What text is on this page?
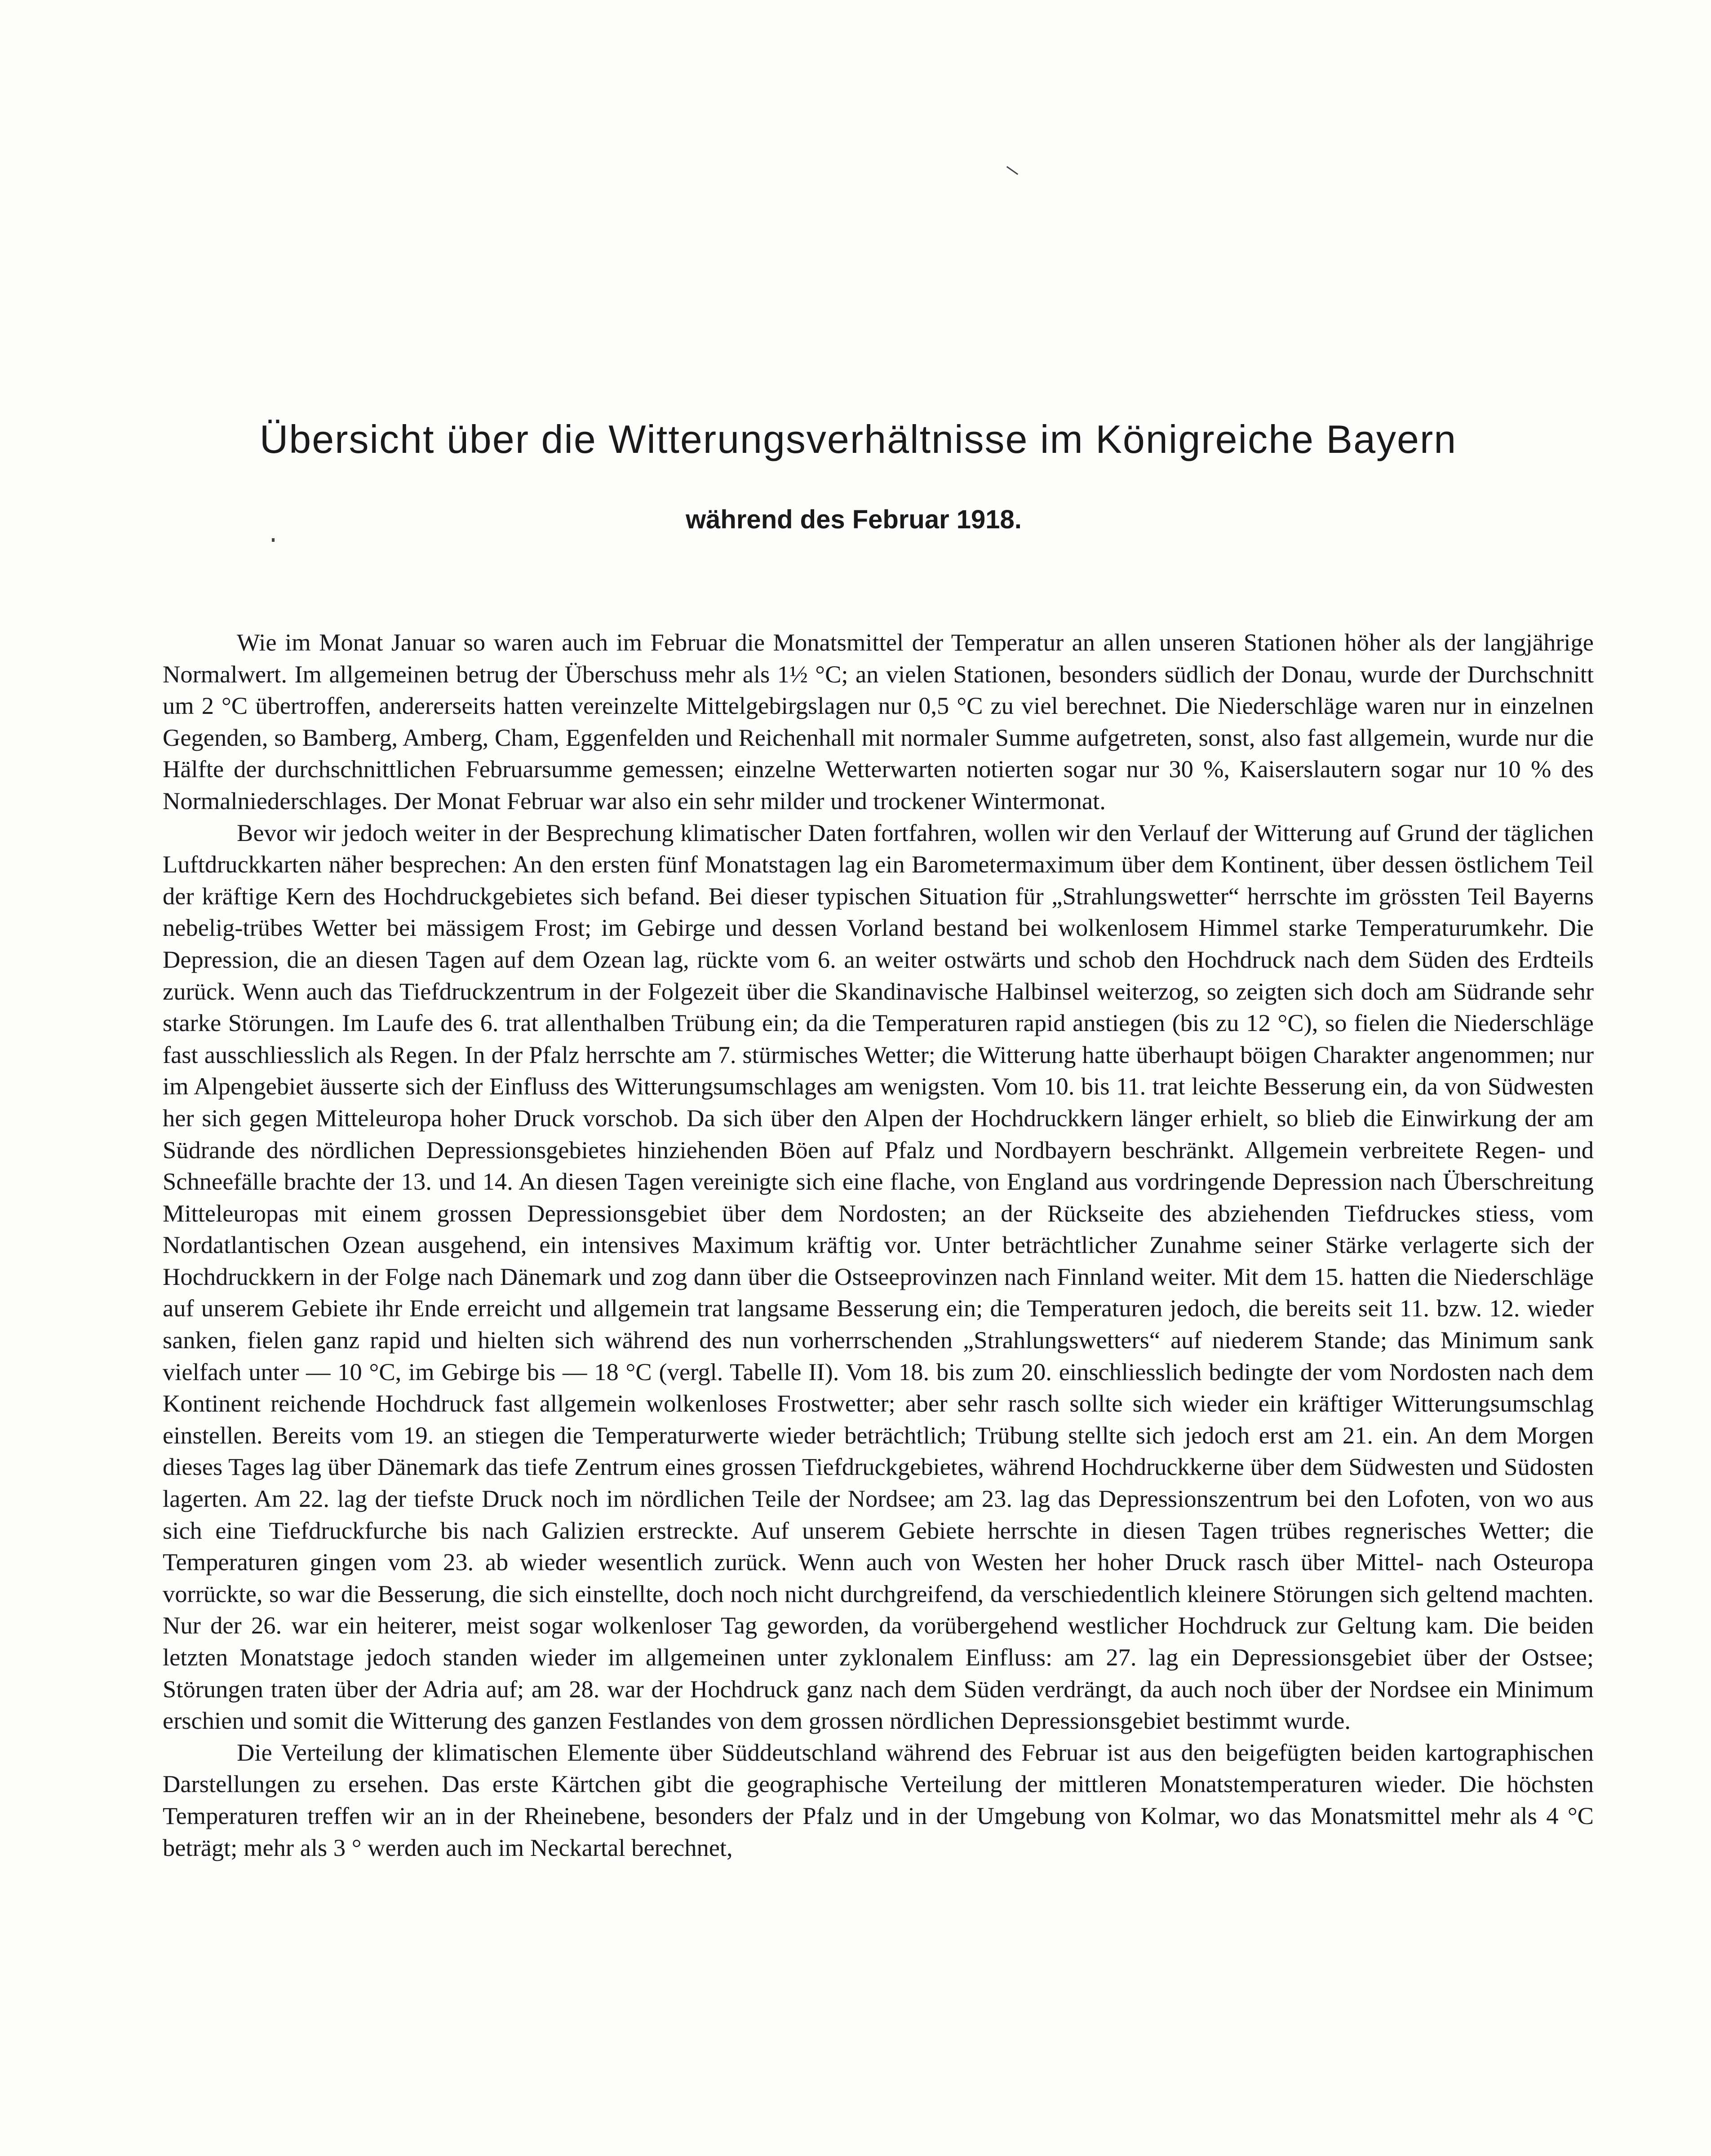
Übersicht über die Witterungsverhältnisse im Königreiche Bayern
während des Februar 1918.

Wie im Monat Januar so waren auch im Februar die Monatsmittel der Temperatur an allen unseren Stationen höher als der langjährige Normalwert. Im allgemeinen betrug der Überschuss mehr als 1½ °C; an vielen Stationen, besonders südlich der Donau, wurde der Durchschnitt um 2 °C übertroffen, andererseits hatten vereinzelte Mittelgebirgslagen nur 0,5 °C zu viel berechnet. Die Niederschläge waren nur in einzelnen Gegenden, so Bamberg, Amberg, Cham, Eggenfelden und Reichenhall mit normaler Summe aufgetreten, sonst, also fast allgemein, wurde nur die Hälfte der durchschnittlichen Februarsumme gemessen; einzelne Wetterwarten notierten sogar nur 30 %, Kaiserslautern sogar nur 10 % des Normalniederschlages. Der Monat Februar war also ein sehr milder und trockener Wintermonat.

Bevor wir jedoch weiter in der Besprechung klimatischer Daten fortfahren, wollen wir den Verlauf der Witterung auf Grund der täglichen Luftdruckkarten näher besprechen: An den ersten fünf Monatstagen lag ein Barometermaximum über dem Kontinent, über dessen östlichem Teil der kräftige Kern des Hochdruckgebietes sich befand. Bei dieser typischen Situation für „Strahlungswetter“ herrschte im grössten Teil Bayerns nebelig-trübes Wetter bei mässigem Frost; im Gebirge und dessen Vorland bestand bei wolkenlosem Himmel starke Temperaturumkehr. Die Depression, die an diesen Tagen auf dem Ozean lag, rückte vom 6. an weiter ostwärts und schob den Hochdruck nach dem Süden des Erdteils zurück. Wenn auch das Tiefdruckzentrum in der Folgezeit über die Skandinavische Halbinsel weiterzog, so zeigten sich doch am Südrande sehr starke Störungen. Im Laufe des 6. trat allenthalben Trübung ein; da die Temperaturen rapid anstiegen (bis zu 12 °C), so fielen die Niederschläge fast ausschliesslich als Regen. In der Pfalz herrschte am 7. stürmisches Wetter; die Witterung hatte überhaupt böigen Charakter angenommen; nur im Alpengebiet äusserte sich der Einfluss des Witterungsumschlages am wenigsten. Vom 10. bis 11. trat leichte Besserung ein, da von Südwesten her sich gegen Mitteleuropa hoher Druck vorschob. Da sich über den Alpen der Hochdruckkern länger erhielt, so blieb die Einwirkung der am Südrande des nördlichen Depressionsgebietes hinziehenden Böen auf Pfalz und Nordbayern beschränkt. Allgemein verbreitete Regen- und Schneefälle brachte der 13. und 14. An diesen Tagen vereinigte sich eine flache, von England aus vordringende Depression nach Überschreitung Mitteleuropas mit einem grossen Depressionsgebiet über dem Nordosten; an der Rückseite des abziehenden Tiefdruckes stiess, vom Nordatlantischen Ozean ausgehend, ein intensives Maximum kräftig vor. Unter beträchtlicher Zunahme seiner Stärke verlagerte sich der Hochdruckkern in der Folge nach Dänemark und zog dann über die Ostseeprovinzen nach Finnland weiter. Mit dem 15. hatten die Niederschläge auf unserem Gebiete ihr Ende erreicht und allgemein trat langsame Besserung ein; die Temperaturen jedoch, die bereits seit 11. bzw. 12. wieder sanken, fielen ganz rapid und hielten sich während des nun vorherrschenden „Strahlungswetters“ auf niederem Stande; das Minimum sank vielfach unter — 10 °C, im Gebirge bis — 18 °C (vergl. Tabelle II). Vom 18. bis zum 20. einschliesslich bedingte der vom Nordosten nach dem Kontinent reichende Hochdruck fast allgemein wolkenloses Frostwetter; aber sehr rasch sollte sich wieder ein kräftiger Witterungsumschlag einstellen. Bereits vom 19. an stiegen die Temperaturwerte wieder beträchtlich; Trübung stellte sich jedoch erst am 21. ein. An dem Morgen dieses Tages lag über Dänemark das tiefe Zentrum eines grossen Tiefdruckgebietes, während Hochdruckkerne über dem Südwesten und Südosten lagerten. Am 22. lag der tiefste Druck noch im nördlichen Teile der Nordsee; am 23. lag das Depressionszentrum bei den Lofoten, von wo aus sich eine Tiefdruckfurche bis nach Galizien erstreckte. Auf unserem Gebiete herrschte in diesen Tagen trübes regnerisches Wetter; die Temperaturen gingen vom 23. ab wieder wesentlich zurück. Wenn auch von Westen her hoher Druck rasch über Mittel- nach Osteuropa vorrückte, so war die Besserung, die sich einstellte, doch noch nicht durchgreifend, da verschiedentlich kleinere Störungen sich geltend machten. Nur der 26. war ein heiterer, meist sogar wolkenloser Tag geworden, da vorübergehend westlicher Hochdruck zur Geltung kam. Die beiden letzten Monatstage jedoch standen wieder im allgemeinen unter zyklonalem Einfluss: am 27. lag ein Depressionsgebiet über der Ostsee; Störungen traten über der Adria auf; am 28. war der Hochdruck ganz nach dem Süden verdrängt, da auch noch über der Nordsee ein Minimum erschien und somit die Witterung des ganzen Festlandes von dem grossen nördlichen Depressionsgebiet bestimmt wurde.

Die Verteilung der klimatischen Elemente über Süddeutschland während des Februar ist aus den beigefügten beiden kartographischen Darstellungen zu ersehen. Das erste Kärtchen gibt die geographische Verteilung der mittleren Monatstemperaturen wieder. Die höchsten Temperaturen treffen wir an in der Rheinebene, besonders der Pfalz und in der Umgebung von Kolmar, wo das Monatsmittel mehr als 4 °C beträgt; mehr als 3 ° werden auch im Neckartal berechnet,
